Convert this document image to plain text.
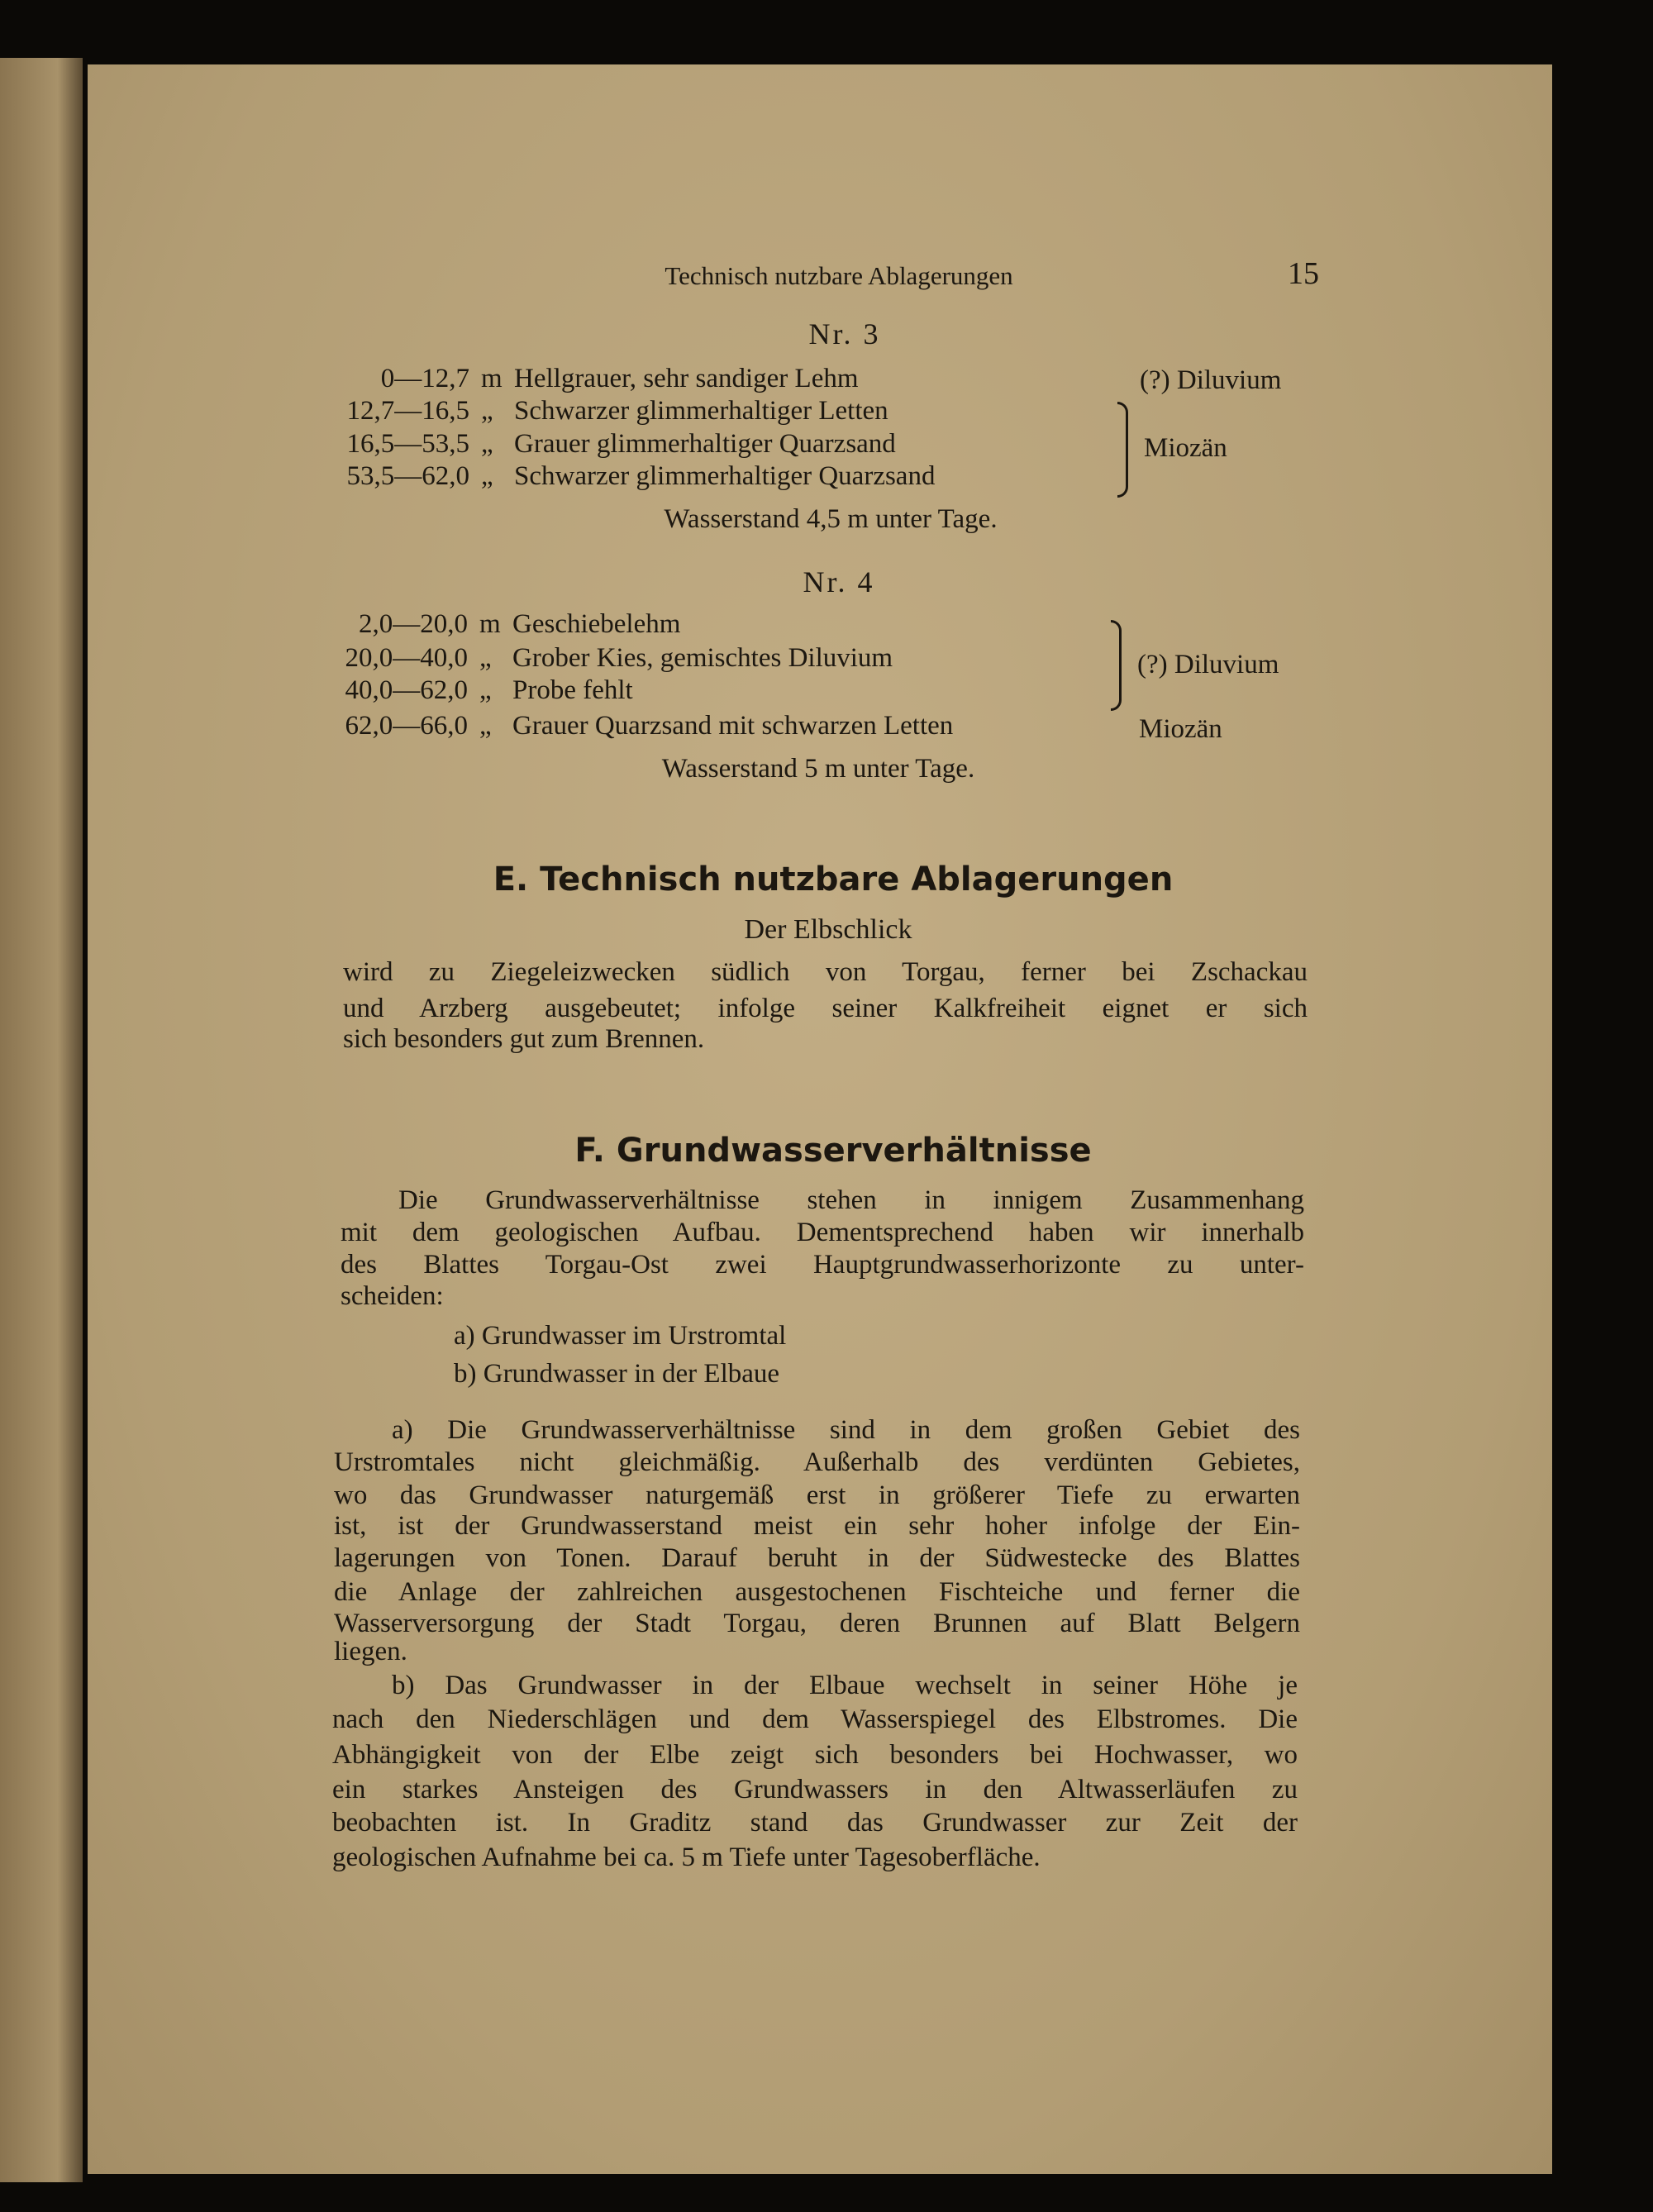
Technisch nutzbare Ablagerungen	15
Nr. 3
0—12,7 m Hellgrauer, sehr sandiger Lehm
12,7—16,5 „ Schwarzer glimmerhaltiger Letten
16,5—53,5 „ Grauer glimmerhaltiger Quarzsand
53,5—62,0 „ Schwarzer glimmerhaltiger Quarzsand
(?) Diluvium
Miozän
Wasserstand 4,5 m unter Tage.
Nr. 4
2,0—20,0 m Geschiebelehm
20,0—40,0 „ Grober Kies, gemischtes Diluvium
40,0—62,0 „ Probe fehlt
62,0—66,0 „ Grauer Quarzsand mit schwarzen Letten
(?) Diluvium
Miozän
Wasserstand 5 m unter Tage.
E. Technisch nutzbare Ablagerungen
Der Elbschlick
wird zu Ziegeleizwecken südlich von Torgau, ferner bei Zschackau
und Arzberg ausgebeutet; infolge seiner Kalkfreiheit eignet er sich
sich besonders gut zum Brennen.
F. Grundwasserverhältnisse
Die Grundwasserverhältnisse stehen in innigem Zusammenhang
mit dem geologischen Aufbau. Dementsprechend haben wir innerhalb
des Blattes Torgau-Ost zwei Hauptgrundwasserhorizonte zu unter-
scheiden:
a) Grundwasser im Urstromtal
b) Grundwasser in der Elbaue
a) Die Grundwasserverhältnisse sind in dem großen Gebiet des
Urstromtales nicht gleichmäßig. Außerhalb des verdünten Gebietes,
wo das Grundwasser naturgemäß erst in größerer Tiefe zu erwarten
ist, ist der Grundwasserstand meist ein sehr hoher infolge der Ein-
lagerungen von Tonen. Darauf beruht in der Südwestecke des Blattes
die Anlage der zahlreichen ausgestochenen Fischteiche und ferner die
Wasserversorgung der Stadt Torgau, deren Brunnen auf Blatt Belgern
liegen.
b) Das Grundwasser in der Elbaue wechselt in seiner Höhe je
nach den Niederschlägen und dem Wasserspiegel des Elbstromes. Die
Abhängigkeit von der Elbe zeigt sich besonders bei Hochwasser, wo
ein starkes Ansteigen des Grundwassers in den Altwasserläufen zu
beobachten ist. In Graditz stand das Grundwasser zur Zeit der
geologischen Aufnahme bei ca. 5 m Tiefe unter Tagesoberfläche.
